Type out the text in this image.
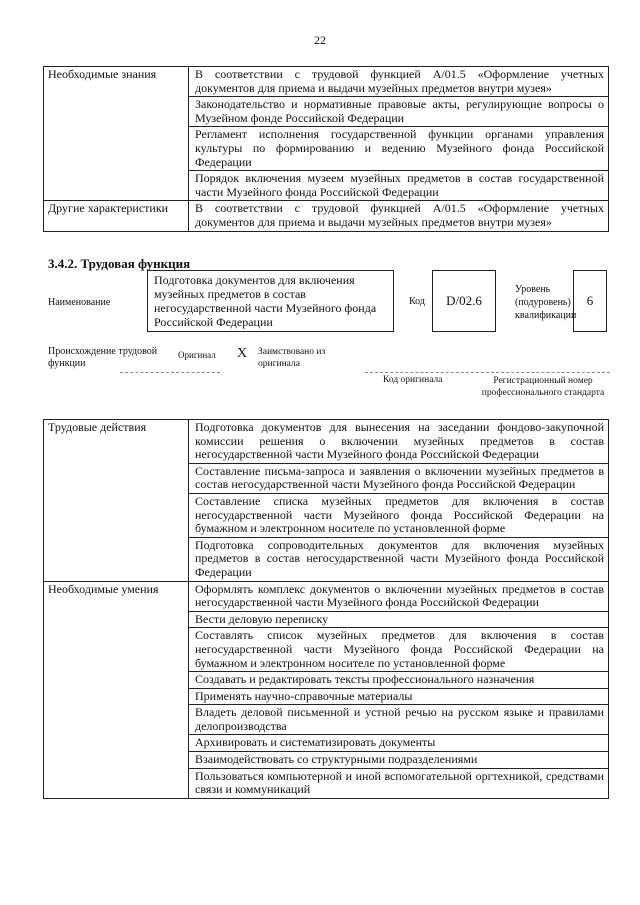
22
Необходимые знания	В соответствии с трудовой функцией А/01.5 «Оформление учетных документов для приема и выдачи музейных предметов внутри музея»
	Законодательство и нормативные правовые акты, регулирующие вопросы о Музейном фонде Российской Федерации
	Регламент исполнения государственной функции органами управления культуры по формированию и ведению Музейного фонда Российской Федерации
	Порядок включения музеем музейных предметов в состав государственной части Музейного фонда Российской Федерации
Другие характеристики	В соответствии с трудовой функцией А/01.5 «Оформление учетных документов для приема и выдачи музейных предметов внутри музея»
3.4.2. Трудовая функция
Наименование
Подготовка документов для включения музейных предметов в состав негосударственной части Музейного фонда Российской Федерации
Код	D/02.6
Уровень (подуровень) квалификации
6
Происхождение трудовой функции
Оригинал X Заимствовано из оригинала
Код оригинала	Регистрационный номер профессионального стандарта
Трудовые действия	Подготовка документов для вынесения на заседании фондово-закупочной комиссии решения о включении музейных предметов в состав негосударственной части Музейного фонда Российской Федерации
	Составление письма-запроса и заявления о включении музейных предметов в состав негосударственной части Музейного фонда Российской Федерации
	Составление списка музейных предметов для включения в состав негосударственной части Музейного фонда Российской Федерации на бумажном и электронном носителе по установленной форме
	Подготовка сопроводительных документов для включения музейных предметов в состав негосударственной части Музейного фонда Российской Федерации
Необходимые умения	Оформлять комплекс документов о включении музейных предметов в состав негосударственной части Музейного фонда Российской Федерации
	Вести деловую переписку
	Составлять список музейных предметов для включения в состав негосударственной части Музейного фонда Российской Федерации на бумажном и электронном носителе по установленной форме
	Создавать и редактировать тексты профессионального назначения
	Применять научно-справочные материалы
	Владеть деловой письменной и устной речью на русском языке и правилами делопроизводства
	Архивировать и систематизировать документы
	Взаимодействовать со структурными подразделениями
	Пользоваться компьютерной и иной вспомогательной оргтехникой, средствами связи и коммуникаций
